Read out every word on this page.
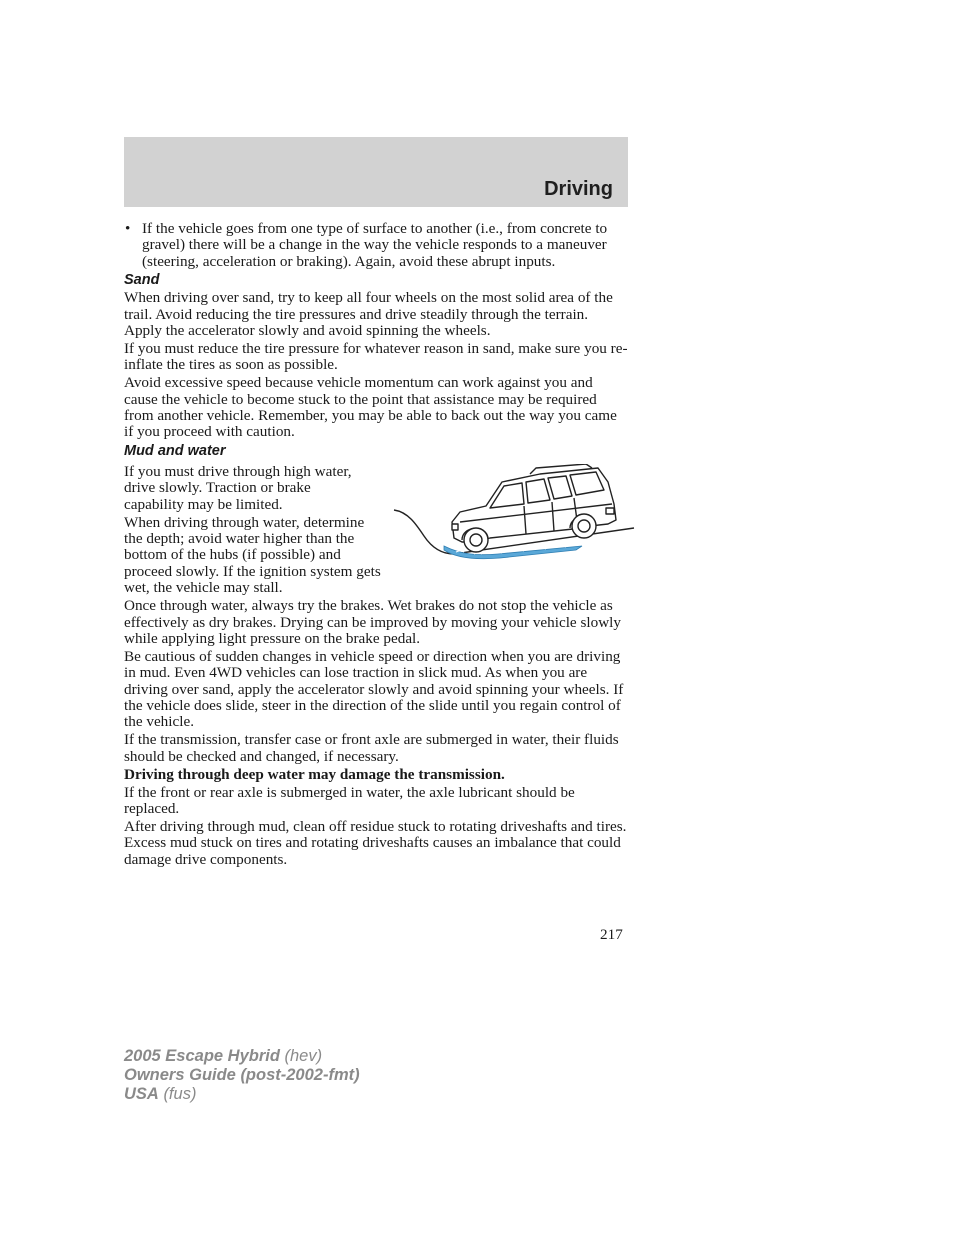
Driving
• If the vehicle goes from one type of surface to another (i.e., from concrete to gravel) there will be a change in the way the vehicle responds to a maneuver (steering, acceleration or braking). Again, avoid these abrupt inputs.
Sand

When driving over sand, try to keep all four wheels on the most solid area of the trail. Avoid reducing the tire pressures and drive steadily through the terrain. Apply the accelerator slowly and avoid spinning the wheels.

If you must reduce the tire pressure for whatever reason in sand, make sure you re-inflate the tires as soon as possible.

Avoid excessive speed because vehicle momentum can work against you and cause the vehicle to become stuck to the point that assistance may be required from another vehicle. Remember, you may be able to back out the way you came if you proceed with caution.

Mud and water

If you must drive through high water, drive slowly. Traction or brake capability may be limited.

When driving through water, determine the depth; avoid water higher than the bottom of the hubs (if possible) and proceed slowly. If the ignition system gets wet, the vehicle may stall.

Once through water, always try the brakes. Wet brakes do not stop the vehicle as effectively as dry brakes. Drying can be improved by moving your vehicle slowly while applying light pressure on the brake pedal.

Be cautious of sudden changes in vehicle speed or direction when you are driving in mud. Even 4WD vehicles can lose traction in slick mud. As when you are driving over sand, apply the accelerator slowly and avoid spinning your wheels. If the vehicle does slide, steer in the direction of the slide until you regain control of the vehicle.

If the transmission, transfer case or front axle are submerged in water, their fluids should be checked and changed, if necessary.

Driving through deep water may damage the transmission.

If the front or rear axle is submerged in water, the axle lubricant should be replaced.

After driving through mud, clean off residue stuck to rotating driveshafts and tires. Excess mud stuck on tires and rotating driveshafts causes an imbalance that could damage drive components.

217
2005 Escape Hybrid (hev)
Owners Guide (post-2002-fmt)
USA (fus)
